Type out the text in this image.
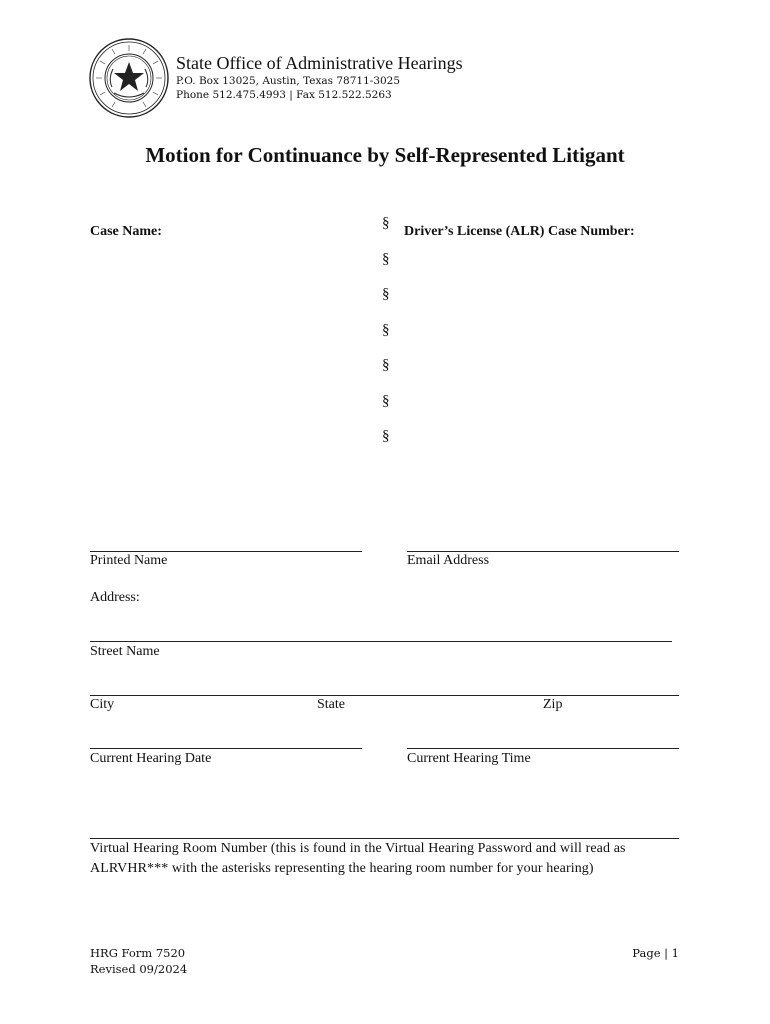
State Office of Administrative Hearings
P.O. Box 13025, Austin, Texas 78711-3025
Phone 512.475.4993 | Fax 512.522.5263
Motion for Continuance by Self-Represented Litigant
Case Name:	Driver’s License (ALR) Case Number:
§
§
§
§
§
§
§
Printed Name	Email Address
Address:
Street Name
City	State	Zip
Current Hearing Date	Current Hearing Time
Virtual Hearing Room Number (this is found in the Virtual Hearing Password and will read as ALRVHR*** with the asterisks representing the hearing room number for your hearing)
HRG Form 7520
Revised 09/2024
Page | 1
